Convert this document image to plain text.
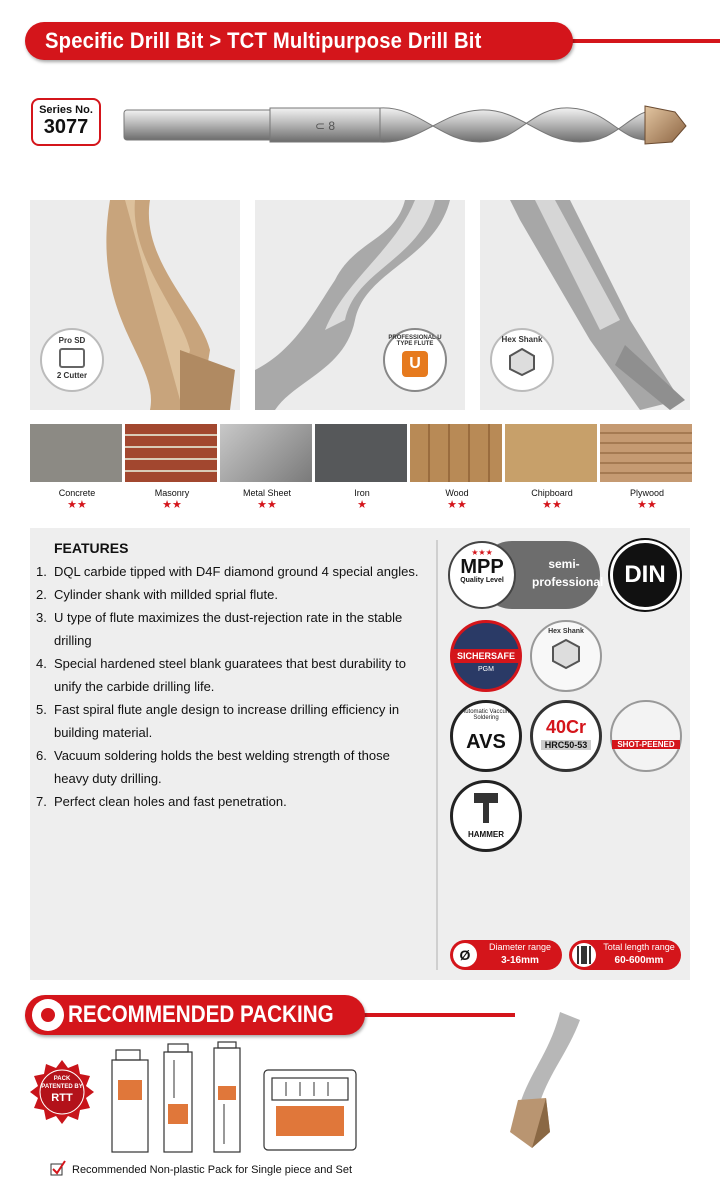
Specific Drill Bit > TCT Multipurpose Drill Bit
Series No.
3077	⊂ 8
Pro SD
2 Cutter
PROFESSIONAL U TYPE FLUTE
U
Hex Shank
Concrete
★★
Masonry
★★
Metal Sheet
★★
Iron
★
Wood
★★
Chipboard
★★
Plywood
★★
FEATURES
1. DQL carbide tipped with D4F diamond ground 4 special angles.
2. Cylinder shank with millded sprial flute.
3. U type of flute maximizes the dust-rejection rate in the stable drilling
4. Special hardened steel blank guaratees that best durability to unify the carbide drilling life.
5. Fast spiral flute angle design to increase drilling efficiency in building material.
6. Vacuum soldering holds the best welding strength of those heavy duty drilling.
7. Perfect clean holes and fast penetration.
semi-professional
★★★
MPP
Quality Level	DIN
SICHERSAFE
PGM
Hex Shank
Automatic Vaccum Soldering
AVS
40Cr
HRC50-53	SHOT-PEENED
HAMMER
Ø	Diameter range
3-16mm
Total length range
60-600mm
RECOMMENDED PACKING
PACK
PATENTED BY
RTT
Recommended Non-plastic Pack for Single piece and Set
